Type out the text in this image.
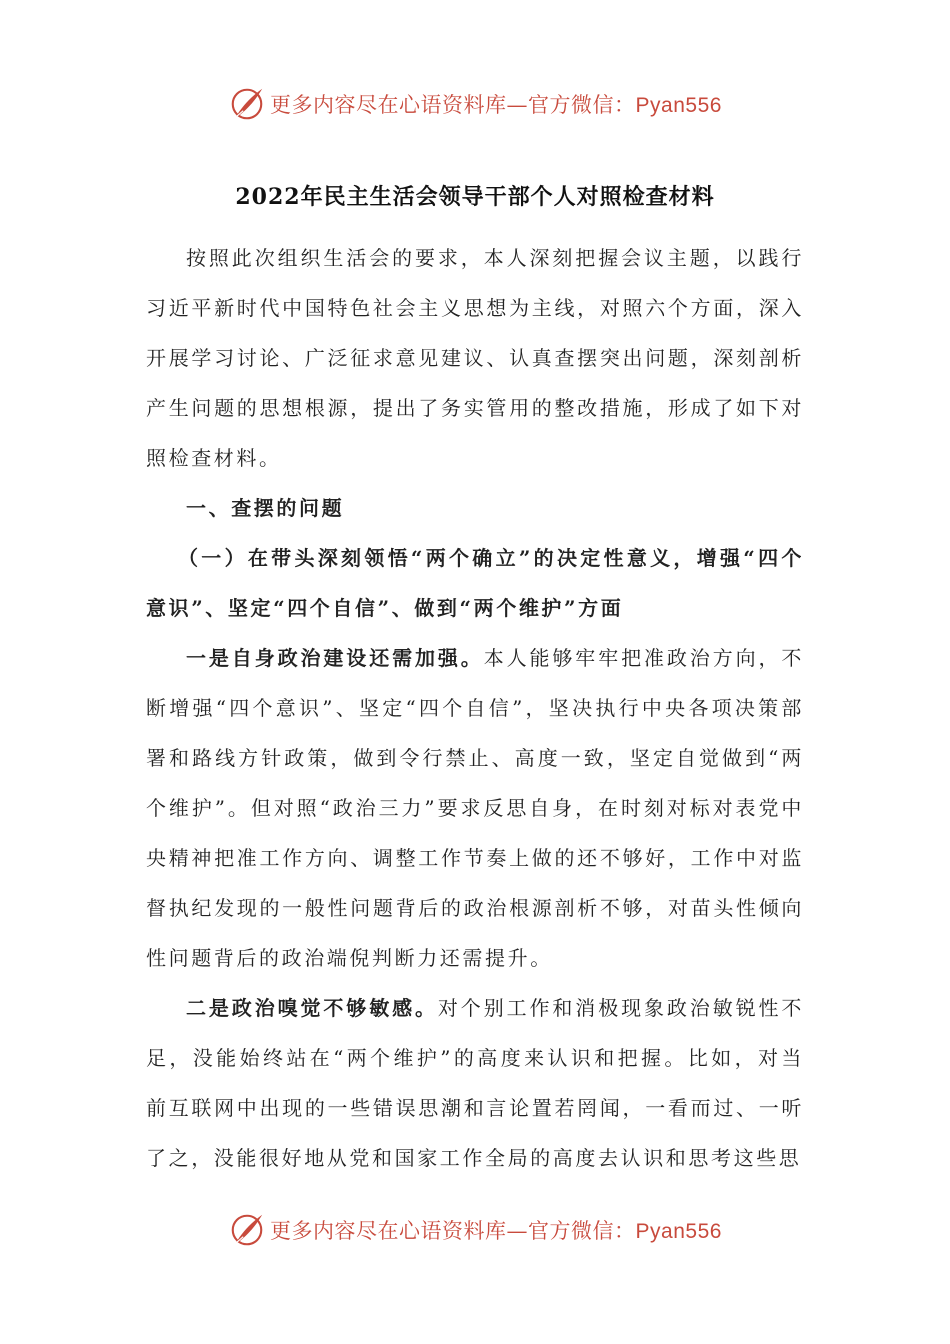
更多内容尽在心语资料库—官方微信：Pyan556
2022年民主生活会领导干部个人对照检查材料

按照此次组织生活会的要求，本人深刻把握会议主题，以践行习近平新时代中国特色社会主义思想为主线，对照六个方面，深入开展学习讨论、广泛征求意见建议、认真查摆突出问题，深刻剖析产生问题的思想根源，提出了务实管用的整改措施，形成了如下对照检查材料。

一、查摆的问题

（一）在带头深刻领悟“两个确立”的决定性意义，增强“四个意识”、坚定“四个自信”、做到“两个维护”方面

一是自身政治建设还需加强。本人能够牢牢把准政治方向，不断增强“四个意识”、坚定“四个自信”，坚决执行中央各项决策部署和路线方针政策，做到令行禁止、高度一致，坚定自觉做到“两个维护”。但对照“政治三力”要求反思自身，在时刻对标对表党中央精神把准工作方向、调整工作节奏上做的还不够好，工作中对监督执纪发现的一般性问题背后的政治根源剖析不够，对苗头性倾向性问题背后的政治端倪判断力还需提升。

二是政治嗅觉不够敏感。对个别工作和消极现象政治敏锐性不足，没能始终站在“两个维护”的高度来认识和把握。比如，对当前互联网中出现的一些错误思潮和言论置若罔闻，一看而过、一听了之，没能很好地从党和国家工作全局的高度去认识和思考这些思

更多内容尽在心语资料库—官方微信：Pyan556
